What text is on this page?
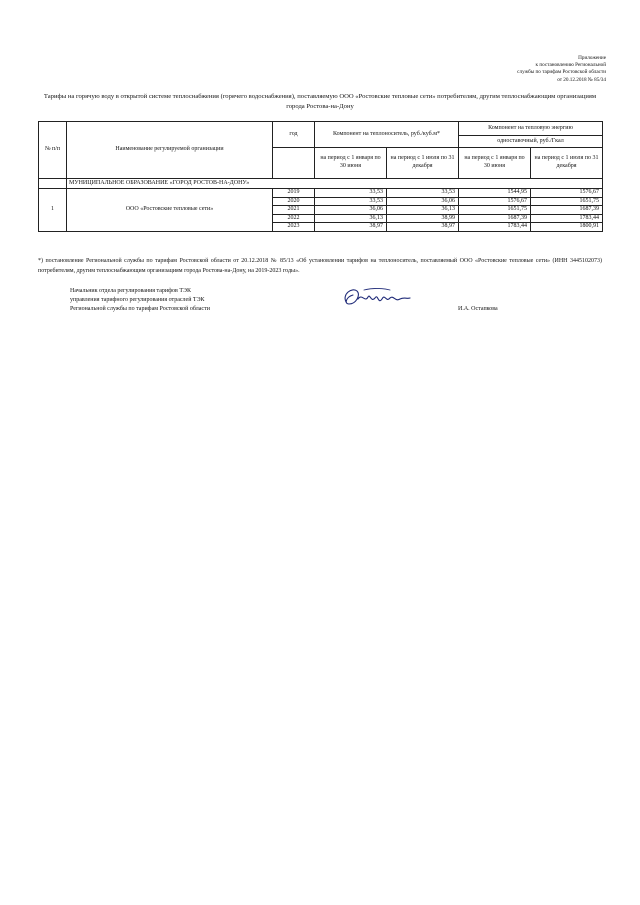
Приложение
к постановлению Региональной
службы по тарифам Ростовской области
от 20.12.2018 № 85/34
Тарифы на горячую воду в открытой системе теплоснабжения (горячего водоснабжения), поставляемую ООО «Ростовские тепловые сети» потребителям, другим теплоснабжающим организациям города Ростова-на-Дону
№ п/п	Наименование регулируемой организации	год	Компонент на теплоноситель, руб./куб.м*		Компонент на тепловую энергию	
					одноставочный, руб./Гкал	
			на период с 1 января по 30 июня	на период с 1 июля по 31 декабря	на период с 1 января по 30 июня	на период с 1 июля по 31 декабря
	МУНИЦИПАЛЬНОЕ ОБРАЗОВАНИЕ «ГОРОД РОСТОВ-НА-ДОНУ»					
1	ООО «Ростовские тепловые сети»	2019	33,53	33,53	1544,95	1576,67
		2020	33,53	36,06	1576,67	1651,75
		2021	36,06	36,13	1651,75	1687,39
		2022	36,13	38,99	1687,39	1783,44
		2023	38,97	38,97	1783,44	1800,91
*) постановление Региональной службы по тарифам Ростовской области от 20.12.2018 № 85/13 «Об установлении тарифов на теплоноситель, поставляемый ООО «Ростовские тепловые сети» (ИНН 3445102073) потребителям, другим теплоснабжающим организациям города Ростова-на-Дону, на 2019-2023 годы».
Начальник отдела регулирования тарифов ТЭК
управления тарифного регулирования отраслей ТЭК
Региональной службы по тарифам Ростовской области	И.А. Остапкова
